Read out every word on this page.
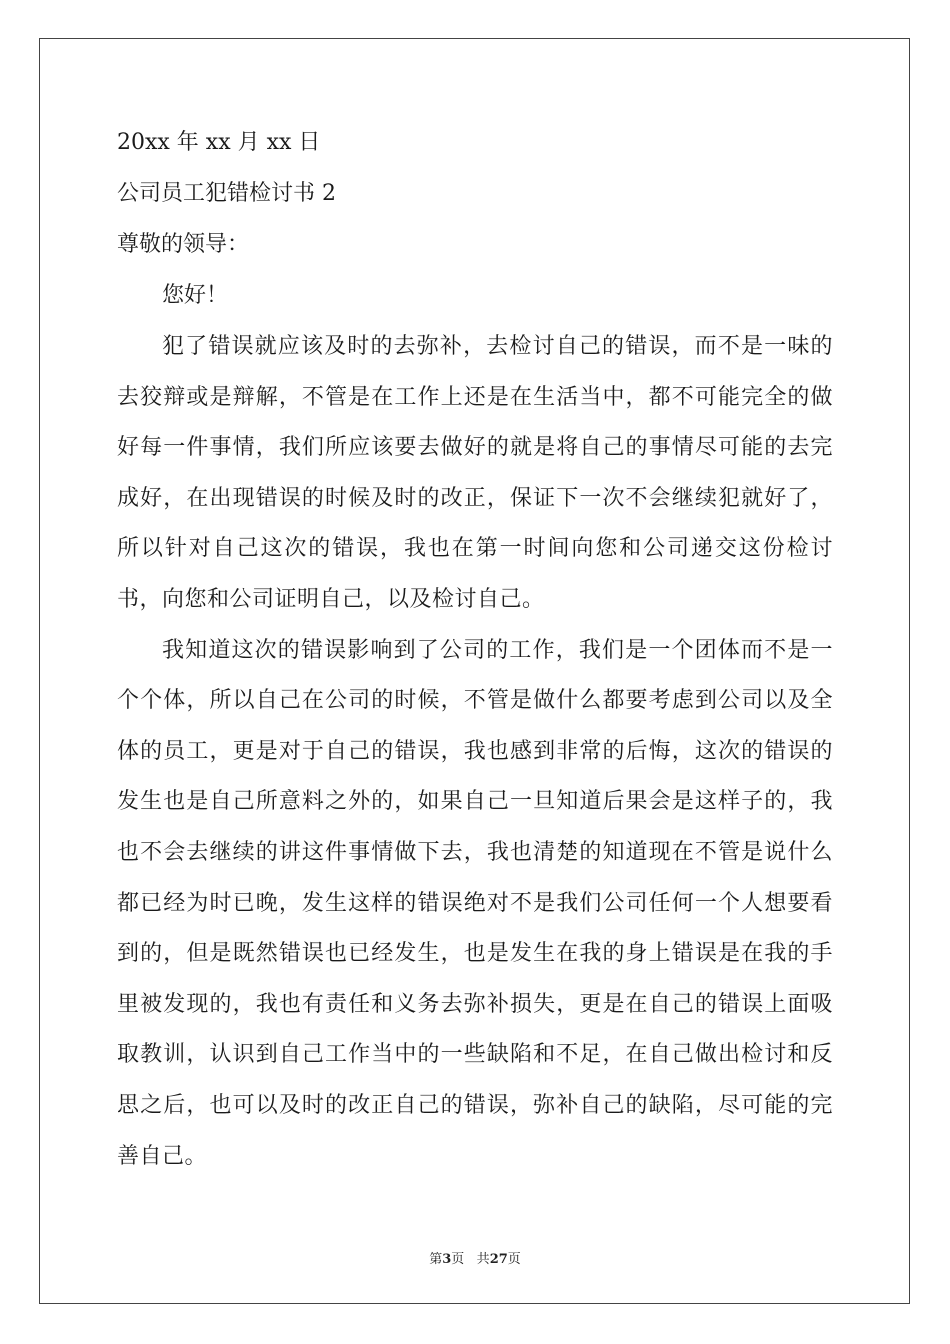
20xx 年 xx 月 xx 日

公司员工犯错检讨书 2

尊敬的领导：

您好！

犯了错误就应该及时的去弥补，去检讨自己的错误，而不是一味的去狡辩或是辩解，不管是在工作上还是在生活当中，都不可能完全的做好每一件事情，我们所应该要去做好的就是将自己的事情尽可能的去完成好，在出现错误的时候及时的改正，保证下一次不会继续犯就好了，所以针对自己这次的错误，我也在第一时间向您和公司递交这份检讨书，向您和公司证明自己，以及检讨自己。

我知道这次的错误影响到了公司的工作，我们是一个团体而不是一个个体，所以自己在公司的时候，不管是做什么都要考虑到公司以及全体的员工，更是对于自己的错误，我也感到非常的后悔，这次的错误的发生也是自己所意料之外的，如果自己一旦知道后果会是这样子的，我也不会去继续的讲这件事情做下去，我也清楚的知道现在不管是说什么都已经为时已晚，发生这样的错误绝对不是我们公司任何一个人想要看到的，但是既然错误也已经发生，也是发生在我的身上错误是在我的手里被发现的，我也有责任和义务去弥补损失，更是在自己的错误上面吸取教训，认识到自己工作当中的一些缺陷和不足，在自己做出检讨和反思之后，也可以及时的改正自己的错误，弥补自己的缺陷，尽可能的完善自己。

第3页 共27页
